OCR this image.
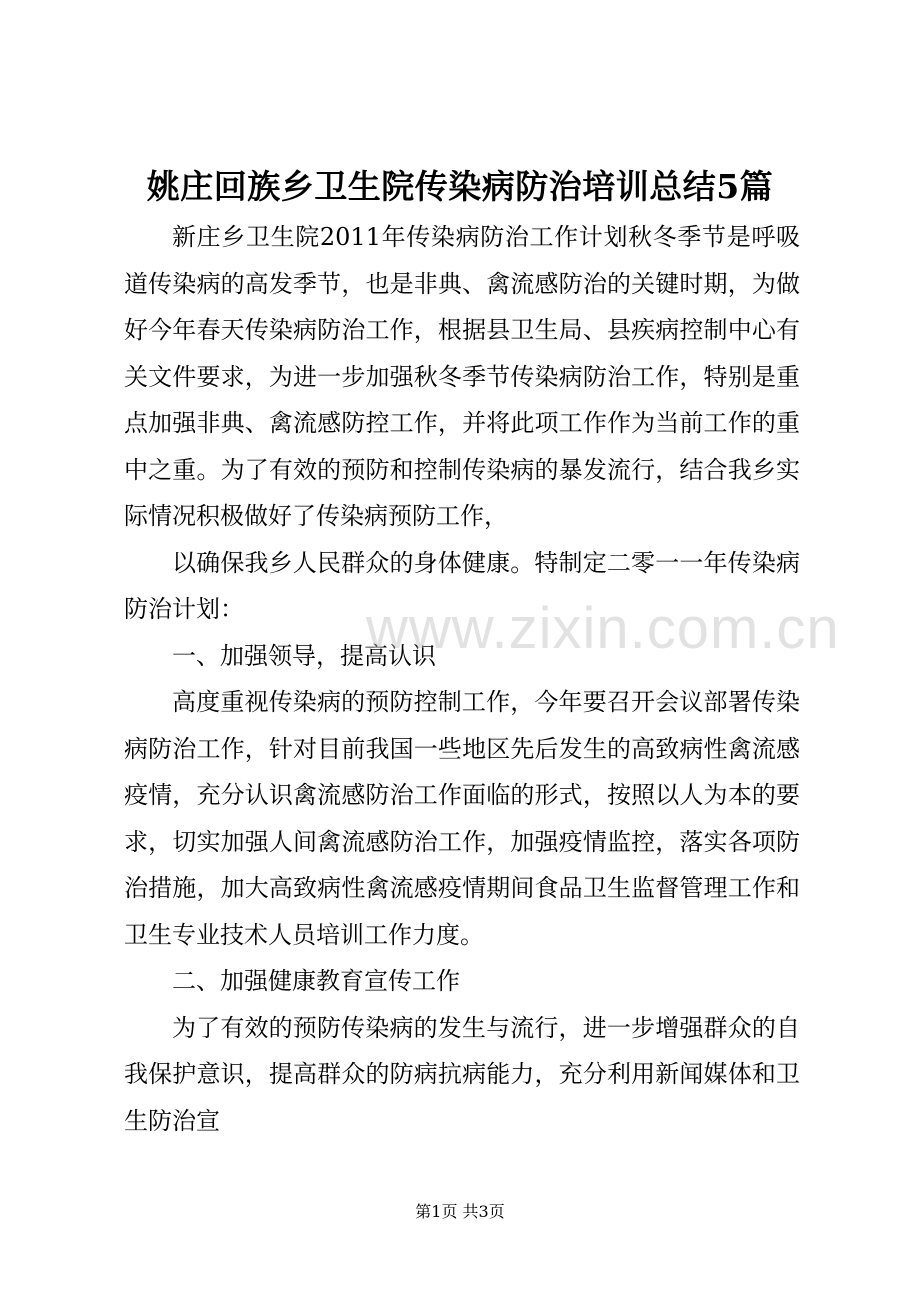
姚庄回族乡卫生院传染病防治培训总结5篇

新庄乡卫生院2011年传染病防治工作计划秋冬季节是呼吸道传染病的高发季节，也是非典、禽流感防治的关键时期，为做好今年春天传染病防治工作，根据县卫生局、县疾病控制中心有关文件要求，为进一步加强秋冬季节传染病防治工作，特别是重点加强非典、禽流感防控工作，并将此项工作作为当前工作的重中之重。为了有效的预防和控制传染病的暴发流行，结合我乡实际情况积极做好了传染病预防工作，

以确保我乡人民群众的身体健康。特制定二零一一年传染病防治计划：

一、加强领导，提高认识

高度重视传染病的预防控制工作，今年要召开会议部署传染病防治工作，针对目前我国一些地区先后发生的高致病性禽流感疫情，充分认识禽流感防治工作面临的形式，按照以人为本的要求，切实加强人间禽流感防治工作，加强疫情监控，落实各项防治措施，加大高致病性禽流感疫情期间食品卫生监督管理工作和卫生专业技术人员培训工作力度。

二、加强健康教育宣传工作

为了有效的预防传染病的发生与流行，进一步增强群众的自我保护意识，提高群众的防病抗病能力，充分利用新闻媒体和卫生防治宣

www.zixin.com.cn
第1页 共3页
